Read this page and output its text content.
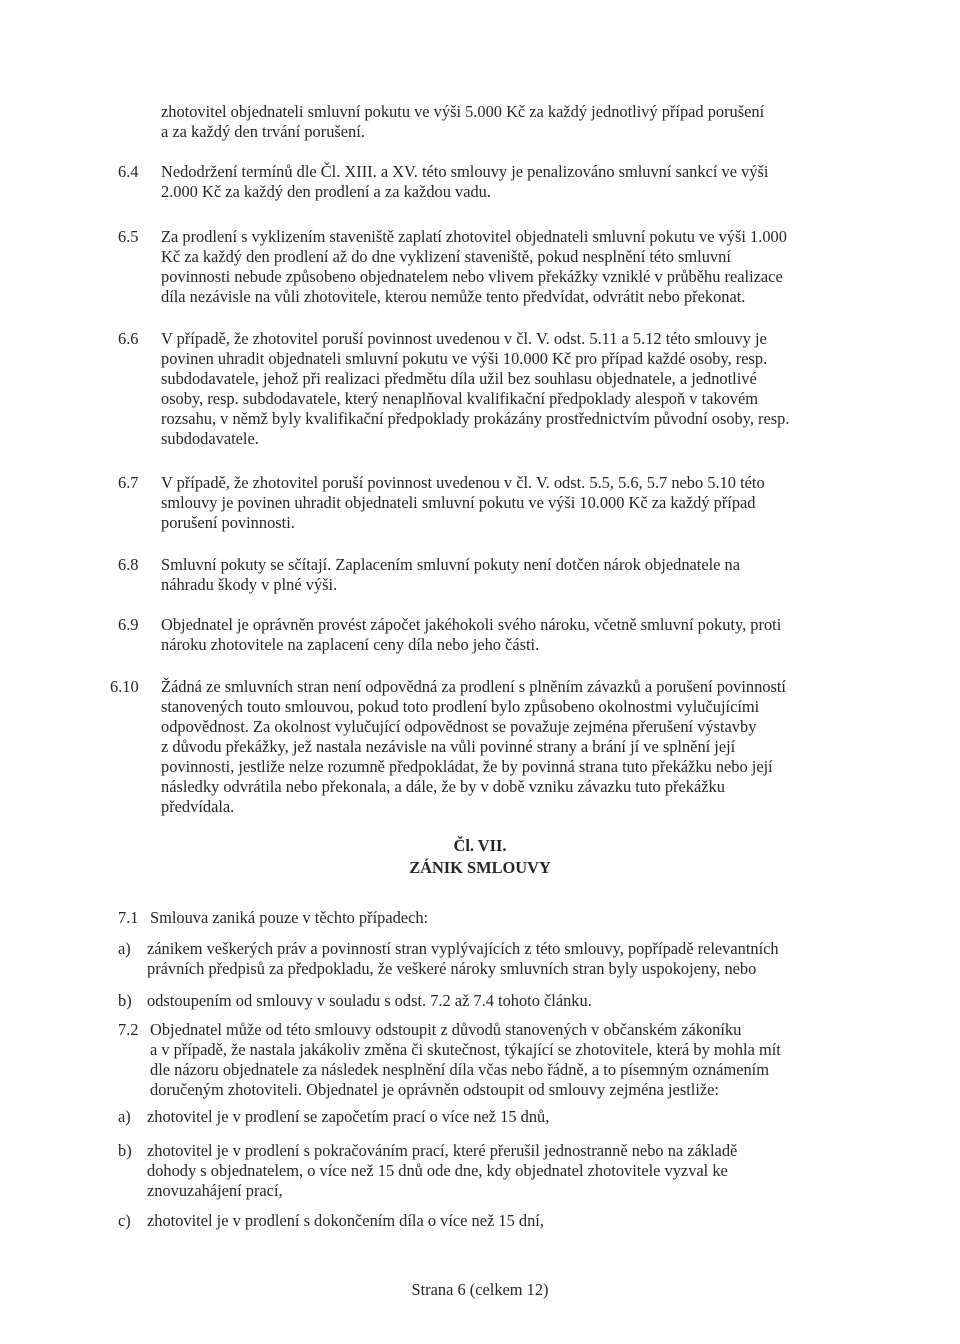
zhotovitel objednateli smluvní pokutu ve výši 5.000 Kč za každý jednotlivý případ porušení
a za každý den trvání porušení.
6.4 Nedodržení termínů dle Čl. XIII. a XV. této smlouvy je penalizováno smluvní sankcí ve výši
2.000 Kč za každý den prodlení a za každou vadu.
6.5 Za prodlení s vyklizením staveniště zaplatí zhotovitel objednateli smluvní pokutu ve výši 1.000
Kč za každý den prodlení až do dne vyklizení staveniště, pokud nesplnění této smluvní
povinnosti nebude způsobeno objednatelem nebo vlivem překážky vzniklé v průběhu realizace
díla nezávisle na vůli zhotovitele, kterou nemůže tento předvídat, odvrátit nebo překonat.
6.6 V případě, že zhotovitel poruší povinnost uvedenou v čl. V. odst. 5.11 a 5.12 této smlouvy je
povinen uhradit objednateli smluvní pokutu ve výši 10.000 Kč pro případ každé osoby, resp.
subdodavatele, jehož při realizaci předmětu díla užil bez souhlasu objednatele, a jednotlivé
osoby, resp. subdodavatele, který nenaplňoval kvalifikační předpoklady alespoň v takovém
rozsahu, v němž byly kvalifikační předpoklady prokázány prostřednictvím původní osoby, resp.
subdodavatele.
6.7 V případě, že zhotovitel poruší povinnost uvedenou v čl. V. odst. 5.5, 5.6, 5.7 nebo 5.10 této
smlouvy je povinen uhradit objednateli smluvní pokutu ve výši 10.000 Kč za každý případ
porušení povinnosti.
6.8 Smluvní pokuty se sčítají. Zaplacením smluvní pokuty není dotčen nárok objednatele na
náhradu škody v plné výši.
6.9 Objednatel je oprávněn provést zápočet jakéhokoli svého nároku, včetně smluvní pokuty, proti
nároku zhotovitele na zaplacení ceny díla nebo jeho části.
6.10 Žádná ze smluvních stran není odpovědná za prodlení s plněním závazků a porušení povinností
stanovených touto smlouvou, pokud toto prodlení bylo způsobeno okolnostmi vylučujícími
odpovědnost. Za okolnost vylučující odpovědnost se považuje zejména přerušení výstavby
z důvodu překážky, jež nastala nezávisle na vůli povinné strany a brání jí ve splnění její
povinnosti, jestliže nelze rozumně předpokládat, že by povinná strana tuto překážku nebo její
následky odvrátila nebo překonala, a dále, že by v době vzniku závazku tuto překážku
předvídala.
Čl. VII.
ZÁNIK SMLOUVY
7.1 Smlouva zaniká pouze v těchto případech:
a) zánikem veškerých práv a povinností stran vyplývajících z této smlouvy, popřípadě relevantních
právních předpisů za předpokladu, že veškeré nároky smluvních stran byly uspokojeny, nebo
b) odstoupením od smlouvy v souladu s odst. 7.2 až 7.4 tohoto článku.
7.2 Objednatel může od této smlouvy odstoupit z důvodů stanovených v občanském zákoníku
a v případě, že nastala jakákoliv změna či skutečnost, týkající se zhotovitele, která by mohla mít
dle názoru objednatele za následek nesplnění díla včas nebo řádně, a to písemným oznámením
doručeným zhotoviteli. Objednatel je oprávněn odstoupit od smlouvy zejména jestliže:
a) zhotovitel je v prodlení se započetím prací o více než 15 dnů,
b) zhotovitel je v prodlení s pokračováním prací, které přerušil jednostranně nebo na základě
dohody s objednatelem, o více než 15 dnů ode dne, kdy objednatel zhotovitele vyzval ke
znovuzahájení prací,
c) zhotovitel je v prodlení s dokončením díla o více než 15 dní,
Strana 6 (celkem 12)
